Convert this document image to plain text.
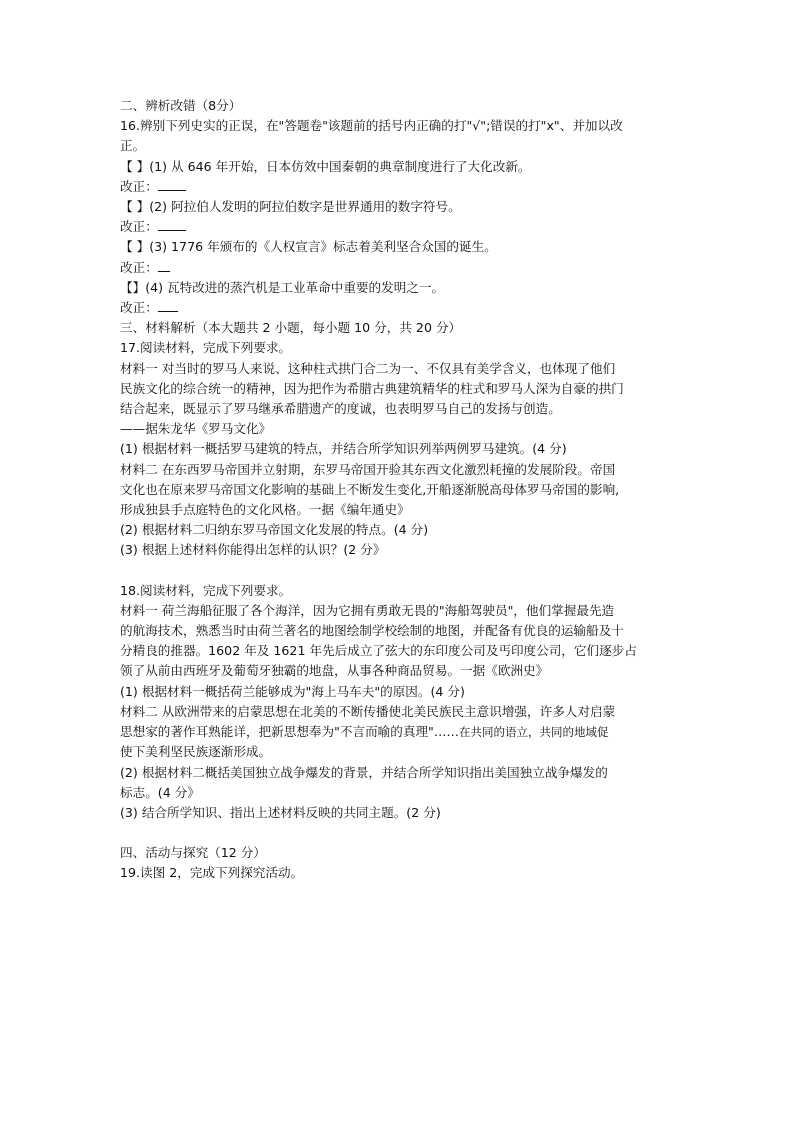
二、辨析改错（8分）

16.辨别下列史实的正误，在"答题卷"该题前的括号内正确的打"√";错误的打"x"、并加以改

正。

【 】(1) 从 646 年开始，日本仿效中国秦朝的典章制度进行了大化改新。

改正：

【 】(2) 阿拉伯人发明的阿拉伯数字是世界通用的数字符号。

改正：

【 】(3) 1776 年颁布的《人权宣言》标志着美利坚合众国的诞生。

改正：

【】(4) 瓦特改进的蒸汽机是工业革命中重要的发明之一。

改正：

三、材料解析（本大题共 2 小题，每小题 10 分，共 20 分）

17.阅读材料，完成下列要求。

材料一 对当时的罗马人来说、这种柱式拱门合二为一、不仅具有美学含义，也体现了他们

民族文化的综合统一的精神，因为把作为希腊古典建筑精华的柱式和罗马人深为自豪的拱门

结合起来，既显示了罗马继承希腊遗产的度诚，也表明罗马自己的发扬与创造。

——据朱龙华《罗马文化》

(1) 根据材料一概括罗马建筑的特点，并结合所学知识列举两例罗马建筑。(4 分)

材料二 在东西罗马帝国并立射期，东罗马帝国开验其东西文化激烈耗撞的发展阶段。帝国

文化也在原来罗马帝国文化影响的基础上不断发生变化,开船逐渐脱高母体罗马帝国的影响,

形成独县手点庭特色的文化风格。一据《编年通史》

(2) 根据材料二归纳东罗马帝国文化发展的特点。(4 分)

(3) 根据上述材料你能得出怎样的认识？(2 分》

18.阅读材料，完成下列要求。

材料一 荷兰海船征服了各个海洋，因为它拥有勇敢无畏的"海船驾驶员"，他们掌握最先造

的航海技术，熟悉当时由荷兰著名的地图绘制学校绘制的地图，并配备有优良的运输船及十

分精良的推器。1602 年及 1621 年先后成立了弦大的东印度公司及丐印度公司，它们逐步占

领了从前由西班牙及葡萄牙独霸的地盘，从事各种商品贸易。一据《欧洲史》

(1) 根据材料一概括荷兰能够成为"海上马车夫"的原因。(4 分)

材料二 从欧洲带来的启蒙思想在北美的不断传播使北美民族民主意识增强，许多人对启蒙

思想家的著作耳熟能详，把新思想奉为"不言而喻的真理"……在共同的语立，共同的地域促

使下美利坚民族逐渐形成。

(2) 根据材料二概括美国独立战争爆发的背景，并结合所学知识指出美国独立战争爆发的

标志。(4 分》

(3) 结合所学知识、指出上述材料反映的共同主题。(2 分)

四、活动与探究（12 分）

19.读图 2，完成下列探究活动。
